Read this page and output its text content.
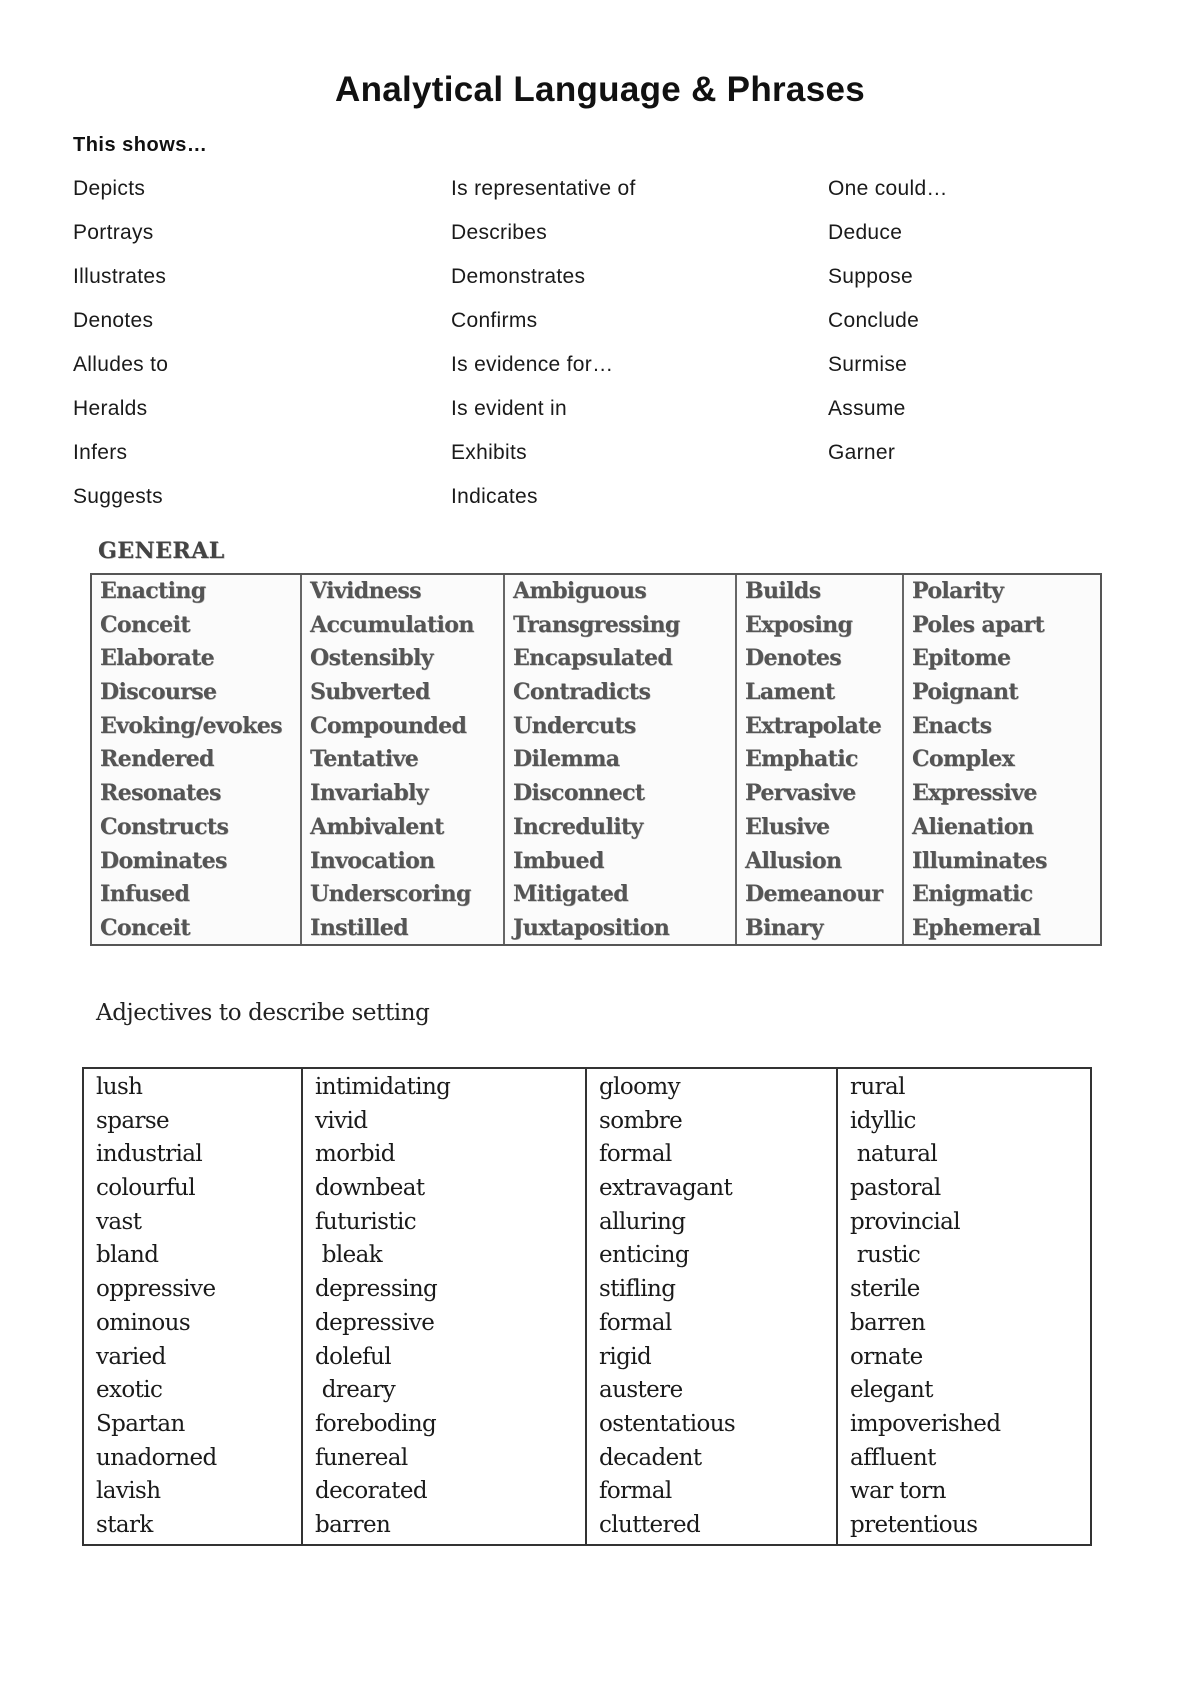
Analytical Language & Phrases
This shows…
Depicts
Portrays
Illustrates
Denotes
Alludes to
Heralds
Infers
Suggests
Is representative of
Describes
Demonstrates
Confirms
Is evidence for…
Is evident in
Exhibits
Indicates
One could…
Deduce
Suppose
Conclude
Surmise
Assume
Garner
GENERAL
Enacting
Conceit
Elaborate
Discourse
Evoking/evokes
Rendered
Resonates
Constructs
Dominates
Infused
Conceit
Vividness
Accumulation
Ostensibly
Subverted
Compounded
Tentative
Invariably
Ambivalent
Invocation
Underscoring
Instilled
Ambiguous
Transgressing
Encapsulated
Contradicts
Undercuts
Dilemma
Disconnect
Incredulity
Imbued
Mitigated
Juxtaposition
Builds
Exposing
Denotes
Lament
Extrapolate
Emphatic
Pervasive
Elusive
Allusion
Demeanour
Binary
Polarity
Poles apart
Epitome
Poignant
Enacts
Complex
Expressive
Alienation
Illuminates
Enigmatic
Ephemeral
Adjectives to describe setting
lush
sparse
industrial
colourful
vast
bland
oppressive
ominous
varied
exotic
Spartan
unadorned
lavish
stark
intimidating
vivid
morbid
downbeat
futuristic
bleak
depressing
depressive
doleful
dreary
foreboding
funereal
decorated
barren
gloomy
sombre
formal
extravagant
alluring
enticing
stifling
formal
rigid
austere
ostentatious
decadent
formal
cluttered
rural
idyllic
natural
pastoral
provincial
rustic
sterile
barren
ornate
elegant
impoverished
affluent
war torn
pretentious
